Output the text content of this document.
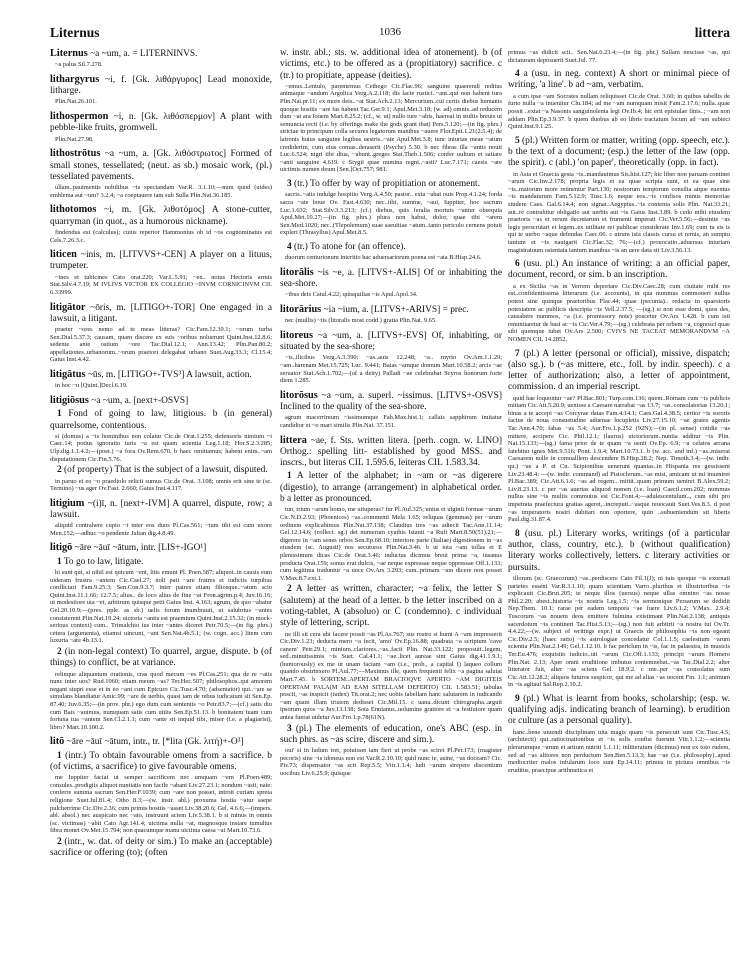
Liternus	1036	littera

Liternus ~a ~um, a. = LITERNINVS.

~a palus Sil.7.278.

lithargyrus ~i, f. [Gk. λιθάργυρος] Lead monoxide, litharge.

Plin.Nat.26.101.

lithospermon ~i, n. [Gk. λιθόσπερμον] A plant with pebble-like fruits, gromwell.

Plin.Nat.27.98.

lithostrōtus ~a ~um, a. [Gk. λιθόστρωτος] Formed of small stones, tessellated; (neut. as sb.) mosaic work, (pl.) tessellated pavements.

ullam..pauimentis nobilibus ~is spectandam Var.R. 3.1.10;—num quod (uides) emblema aut ~um? 3.2.4; ~a coeptauere iam sub Sulla Plin.Nat.36.185.

lithotomos ~i, m. [Gk. λιθοτόμος] A stone-cutter, quarryman (in quot., as a humorous nickname).

findendus est (calculus); cuius reperior Hammonius ob id ~os cognominatus est Cels.7.26.3.c.

liticen ~inis, m. [LITVVS+-CEN] A player on a lituus, trumpeter.

~ines et tubicines Cato orat.220; Var.L.5.91; ~en.. notus Hectoris armis Stat.Silv.4.7.19; M IVLIVS VICTOR EX COLLEGIO ~INVM CORNICINVM CIL 6.33999.

litigātor ~ōris, m. [LITIGO+-TOR] One engaged in a lawsuit, a litigant.

praeter ~ores nemo ad te meas litteras? Cic.Fam.12.30.1; ~orum turba Sen.Dial.5.37.3; causam, quam discere ex suis ~oribus noluerunt Quint.Inst.12.8.6; sedente ante ostium ~ore Tac.Dial.12.1; Ann.13.42; Plin.Pan.80.2; appellationes..urbanorum..~orum praetori delegabat urbano Suet.Aug.33.3; Cl.15.4; Gaius Inst.4.42.

litigātus ~ūs, m. [LITIGO+-TVS³] A lawsuit, action.

in hoc ~u [Quint.]Decl.6.19.

litigiōsus ~a ~um, a. [next+-OSVS]

1 Fond of going to law, litigious. b (in general) quarrelsome, contentious.

si (domus) a ~is hominibus non colatur Cic.de Orat.1.255; defensoris nimium ~i Caec.14; potius ignoratio iuris ~a est quam scientia Leg.1.18; Hor.S.2.3.285; Ulp.dig.1.1.4.2;—(poet.) ~a fora Ov.Rem.670. b haec omittamus; habent enim..~am disputationem Cic.Fin.5.76.

2 (of property) That is the subject of a lawsuit, disputed.

in paruo et eo ~o praediolo relicti sumus Cic.de Orat. 3.108; omnis erit sine te (sc. Termino) ~us ager Ov.Fast. 2.660; Gaius Inst.4.117.

litigium ~(i)ī, n. [next+-IVM] A quarrel, dispute, row; a lawsuit.

aliquid contrahere cupio ~i inter eos duos Pl.Cas.561; ~ium tibi est cum uxore Men.152;—adhuc ~o pendente Julian dig.4.8.49.

litigō ~āre ~āuī ~ātum, intr. [LIS+-IGO¹]

1 To go to law, litigate.

hi sunt qui, si nihil est quicum ~ent, litis emunt Pl. Poen.587; aliquot..in causis eum uideram frustra ~antem Cic.Cael.27; noli pati ~are fratres et iudiciis turpibus conflictari Fam.9.25.3; Sen.Con.9.3.7; inter patres etiam filiosque..~atum scio Quint.Inst.11.1.66; 12.7.5; alius.. de loco alius de fine ~at Fron.agrim.p.4; Juv.16.16; ut modestiore uia ~et, arbitrum quisque petit Gaius Inst. 4.163; agrum, de quo ~abatur Gel.20.10.9;—(pres. pple. as sb.) uelis forum inumbrauit, ut salubrius ~antes consisterent Plin.Nat.19.24; uictoria ~antis est praemium Quint.Inst.2.15.32; (in mock-serious context) cum.. Trimalchio ius inter ~antes diceret Petr.70.5;—(in fig. phrs.) cetera (argumenta), etiamsi uincunt, ~ant Sen.Nat.4b.5.1; (w. cogn. acc.) litem cum luxuria ~are 4b.13.1.

2 (in non-legal context) To quarrel, argue, dispute. b (of things) to conflict, be at variance.

relinque aliquantum orationis, cras quod mecum ~es Pl.Cas.251; qua de re ~atis nunc inter uos? Rud.1060; etiam meum ~as? Ter.Hec.507; philosophos..qui amorem negant stupri esse et in eo ~ant cum Epicuro Cic.Tusc.4.70; (adsentator) qui..~are se simulans blandiatur Amic.99; ~are de uerbis, quasi iam de rebus iudicatum sit Sen.Ep. 87.40; Juv.6.35;—(in prov. phr.) ego dum cum sententis ~o Petr.83.7;—(cf.) satis diu cum Bais ~auimus, numquam satis cum uitiis Sen.Ep.51.13. b bonitatem tuam cum fortuna tua ~antem Sen.Cl.2.1.1; cum ~ante sit inquid tibi, miser (i.e. a plagiarist), libro? Mart.10.100.2.

litō ~āre ~āuī ~ātum, intr., tr. [*lita (Gk. λιτή)+-O³]

1 (intr.) To obtain favourable omens from a sacrifice. b (of victims, a sacrifice) to give favourable omens.

me Iuppiter faciat ut semper sacrificem nec umquam ~em Pl.Poen.489; consules..prodigiis aliquot nuntiatis non facile ~abant Liv.27.23.1; nondum ~asti, nate: conferre summa sacrum Sen.Her.F.1039; cum ~are non posset, introit curiam spreta religione Suet.Jul.81.4; Otho 8.3;—(w. instr. abl.) proxuma hostia ~atur saepe pulcherrime Cic.Div.2.36; cum primis hostiis ~asset Liv.38.20.6; Gel. 4.6.6;—(impers. abl. absol.) nec auspicato nec ~ato, instruunt aciem Liv.5.38.1. b si minus in omnis (sc. victimas) ~abit Cato Agr.141.4; uictima nulla ~at, magnosque instare tumultus fibra monet Ov.Met.15.794; non quacumque manu uictima caesa ~at Mart.10.73.6.

2 (intr., w. dat. of deity or sim.) To make an (acceptable) sacrifice or offering (to); (often

w. instr. abl.; sts. w. additional idea of atonement). b (of victims, etc.) to be offered as a (propitiatory) sacrifice. c (tr.) to propitiate, appease (deities).

~emus..Lentulo, parentemus Cethego Cic.Flac.96; sanguine quaerendi reditus animaque ~andum Argolica Verg.A.2.118; dis lacte rustici..~ant..qui non habent tura Plin.Nat.pr.11; ex more deis..~at Stat.Ach.2.13; Mercurium..cui certis diebus humanis quoque hostiis ~are fas habent Tac.Ger.9.1; Apul.Met.3.18; (w. ad) omnis..ad reducem dum ~at ara Iouem Mart.8.25.2; (cf., w. ut) nullo ture ~abis, haereat in stultis breuis ut semuncia recti (i.e. by offerings make the gods grant that) Pers.5.120;—(in fig. phrs.) strictae in principum colla secures legatorum manibus ~auere Flor.Epit.1.21(2.5.4); de latronis huius sanguine legibus uestris..~ate Apul.Met.3.8; tunc iniuriae meae ~atum crediderim, cum eius comas..deraserit (Psyche) 5.30. b nec fibras illa ~antis nouit Luc.6.524; nigri tibi diua, ~abunt..greges Stat.Theb.1.506; confer uultum et satiare ~anti sanguine 4.619. c Stygii quae numina regni..~asti? Luc.7.171; caesis ~are uictimis numen deum [Sen.]Oct.757; 981.

3 (tr.) To offer by way of propitiation or atonement.

sacris..~atis indulge hospitio Verg.A.4.50; pastor.. exta ~abat ouis Prop.4.1.24; forda sacra ~ate boue Ov. Fast.4.630; nec..tibi, summe, ~aui, Iuppiter, hoc sacrum Luc.1.632; Stat.Silv.3.3.213; (cf.) diebus, quis feralia mortuis ~antur obsequia Apul.Met.10.27;—(in fig. phrs.) plura non habui, dolor, quae tibi ~arem Sen.Med.1020; nec..(Tlepolemum) suae saeuitiae ~atum..tanto periculo cernens potuit expleri (Thrasyllus) Apul.Met.8.5.

4 (tr.) To atone for (an offence).

duorum centurionum interitio hac aduersariorum poena est ~ata B.Hisp.24.6.

litorālis ~is ~e, a. [LITVS+-ALIS] Of or inhabiting the sea-shore.

~ibus deis Catul.4.22; quisquilias ~is Apul.Apol.34.

litorārius ~ia ~ium, a. [LITVS+-ARIVS] = prec.

nec (mullis) ~iis (litoralis most codd.) gratia Plin.Nat. 9.65.

litoreus ~a ~um, a. [LITVS+-EVS] Of, inhabiting, or situated by the sea-shore;

~is..ilicibus Verg.A.3.390; ~as..auis 12.248; ~a.. myrto Ov.Am.1.1.29; ~am..harenam Met.15.725; Luc. 9.441; Baias ~amque domum Mart.10.58.2; arcis ~ae seruator Stat.Ach.1.702;—(of a deity) Palladi ~ae celebrabat Scyros honorum forte diem 1.285.

litorōsus ~a ~um, a. superl. ~issimus. [LITVS+-OSVS] Inclined to the quality of the sea-shore.

agrum macerrimum ~issimumque Fab.Max.hist.1; callais sapphirum imitatur candidior et ~o mari similis Plin.Nat. 37.151.

littera ~ae, f. Sts. written litera. [perh. cogn. w. LINO] Orthog.: spelling litt- established by good MSS. and inscrs., but literas CIL 1.595.6, leiteras CIL 1.583.34.

1 A letter of the alphabet; in ~am or ~as digerere (digestio), to arrange (arrangement) in alphabetical order. b a letter as pronounced.

tun, trium ~arum homo, me uituperas? fur Pl.Aul.325; unius et uiginti formae ~arum Cic.N.D.2.93; (Phoenices) ~as..commenti Mela 1.65; reliquas (gemmas) per ~arum ordinem explicabimus Plin.Nat.37.138; Claudius tres ~as adiecit Tac.Ann.11.14; Gel.12.14.6; (collect. sg.) det numerum cyathis Istanti ~a Rufi Mart.8.50(51).21;—digerere in ~am senes orbos Sen.Ep.68.10; interiore parte (Italiae) digestionem in ~as eiusdem (sc. Augusti) nos secuturos Plin.Nat.3.46. b ut iota ~am tollas et E plenissimum dicas Cic.de Orat.3.46; inductus dicimus breui prima ~a, insanus producta Orat.159; sonus erat dulcis, ~ae neque expressae neque oppressae Off.1.133; cum legitima traduntur ~a uoce Ov.Ars 3.293; cum..primam ~am dicere non posset V.Max.8.7.ext.1.

2 A letter as written, character; ~a felix, the letter S (salutem) at the head of a letter. b the letter inscribed on a voting-tablet, A (absoluo) or C (condemno). c individual style of lettering, script.

ne illi sit cera ubi facere possit ~as Pl.As.767; sus rostro si humi A ~am impresserit Cic.Div.1.23; deducta mero ~a fecit, 'amo' Ov.Ep.16.88; quadrata ~a scriptum 'cave canem' Petr.29.1; minium..clariores..~as..facit Plin. Nat.33.122; proposuit..legem, sed..minutissimis ~is Suet. Cal.41.1; ~ae..licet aureae sint Gaius dig.41.1.9.1; (humorously) ex me ut unam faciam ~am (i.e., prob., a capital I) laqueo collum quando obstrinxero Pl.Aul.77;—Maximus ille, quem frequenti felix ~a pagina salutat Mart.7.45. b SORTEM..APERTAM BRACIOQVE APERTO ~AM DIGITEIS OPERTAM PALA(M AD EAM SITELLAM DEFERTO) CIL 1.583.51; tabulas poscit, ~as inspicit (iudex) Tit.orat.2; nec uobis tabellam hanc salutarem in iudicando ~am quam illam tristem dedisset Cic.Mil.15. c uana..dicunt chirographa..arguit ipsorum quos ~a Juv.13.138; Sota Ennianus..uolumine gratiore et ~a festiuiore quam antea fuerat uidetur Aur.Fro.1.p.78(61N).

3 (pl.) The elements of education, one's ABC (esp. in such phrs. as ~as scire, discere and sim.).

oui' si in ludum iret, potuisset iam fieri ut probe ~as sciret Pl.Per.173; (magister pecoris) sine ~is idoneus non est Var.R.2.10.10; quid nunc te, asine, ~as doceam? Cic. Pis.73; dispensator ~as scit Rep.5.5; Vitr.1.1.4; ludi ~arum strepere discentium uocibus Liv.6.25.9; quisque

primus ~as didicit scit.. Sen.Nat.6.23.4;—(in fig. phr.) Sullam nescisse ~as, qui dictaturam deposuerit Suet.Jul. 77.

4 a (usu. in neg. context) A short or minimal piece of writing, 'a line'. b ad ~am, verbatim.

a cum ipse ~am Socrates nullam reliquisset Cic.de Orat. 3.60; in quibus tabellis de furto nulla ~a inuenitur Clu.184; ad me ~am numquam misit Fam.2.17.6; nulla..quae possit ..extat ~a Nasonis sanguinolenta legi Ov.Ib.4; hic erit epistulae finis..; ~am non addam Plin.Ep.3.9.37. b quem duobus ab eo libris tractatum locum ad ~am subieci Quint.Inst.9.1.25.

5 (pl.) Written form or matter, writing (opp. speech, etc.). b the text of a document; (esp.) the letter of the law (opp. the spirit). c (abl.) 'on paper', theoretically (opp. in fact).

in Asia et Graecia gesta ~is..mandauimus Sis.hist.127; hic liber non paruam continet ~arum Cic.Inv.2.178; propria legis et ea quae scripta sunt, et ea quae sine ~is..maiorum more retinentur Part.130; nostrorum temporum consilia atque euentus ~is mandaturum Fam.5.12.9; Tusc.1.6; neque eos..~is confisos minus memoriae studere Caes. Gal.6.14.4; non signat..Aegyptus..~is contenta solis Plin. Nat.33.21; aut..re contrahitur obligatio aut uerbis aut ~is Gaius Inst.3.89. b cedo mihi eiusdem praetoris ~as et rerum decretarum et frumenti imperati Cic.Ver.5.56;—desinite ~as legis perscrutari et legem..ex utilitate rei publicae considerate Inv.1.69; cum tu sis is qui te uerbo ~aque defendas Caec.66. c utrum ista classis cursu et remis, an sumptu tantum et ~is nauigarit Cic.Flac.32; 76;—(cf.) prouocatio..aduersus iniuriam magistratuum ostentata tantum inanibus ~is an uere data sit Liv.3.56.13.

6 (usu. pl.) An instance of writing: a an official paper, document, record, or sim. b an inscription.

a ex Sicilia ~as in Verrem deportare Cic.Div.Caec.28; cum ciuitate mihi res est..confidentissima litterarum (i.e. accounts), in qua nummus commoueri nullus potest sine quinque praetoribus Flac.44; quae (pecunia).. redacta in quaestoris potestatem ac publicis descripta ~is Vell.2.37.5; —(sg.) si non esse domi, quos des, causabere nummos, ~a (i.e. promissory note) poscetur Ov.Ars 1.428. b cum isti renuntiaretur de basi ac ~is Cic.Ver.4.79;—(sg.) celebrata per orbem ~a, cognosci quae sibi quemque iubet Ov.Ars 2.500; CVIVS NE TACEAT MEMORANDVM ~A NOMEN CIL 14.2852.

7 (pl.) A letter (personal or official), missive, dispatch; (also sg.). b (~as mittere, etc., foll. by indir. speech). c a letter of authorization; also, a letter of appointment, commission. d an imperial rescript.

quid hae loquontur ~ae? Pl.Bac.801; Turp.com.136; quem..Romam cum ~is publicis mittam Cic.Att.5.20.9; uenisse a Caesare narrabat ~as 13.7; ~as..consolatorias 13.20.1; binas a te accepi ~as Corcyrae datas Fam.4.14.1; Caes.Gal.4.38.5; certior ~is sororis factus de noua consuetudine aduenae locupletis Liv.27.15.10; ~ae grates agentis Tac.Ann.4.70; fabas ~as 5.4; Aur.Fro.1.p.252 (92N);—(in pl. sense) cotidie ~as mittere, accipere Cic. Phil.12.1; (laurus) uictoriorum..nuntia additur ~is Plin. Nat.15.133;—(sg.) fama prior de te quam ~a uenit Ov.Ep. 6.9; ~a celatos arcana fatebitur ignes Met.9.516; Pont. 1.9.4; Mart.10.73.1. b (w. acc. and inf.) ~as..miserat Caesarem nolle in comualllem descendere B.Hisp.28.2; Nep. Timoth.3.4;—(w. indir. qu.) ~ae a P. et Cn. Scipionibus uenerunt quantas..in Hispania res gessissent Liv.23.48.4; —(w. indir. command) ad Pistoclerum..~as misi, amicam ut mi inueniret Pl.Bac.389; Cic.Att.6.1.6; ~as ad regem.. mittit..quam primum ueniret B.Alex.59.2; Liv.8.23.13. c per ~as auertas aliquod nomen (i.e. loan) Caecil.com.202; nummus nullus sine ~is multis commutus est Cic.Font.4;—adulescentulum.., cum sibi pro impetrata praefectura gratias ageret,..increpuit..~asque reuocauit Suet.Ves.8.3. d post ~as imperatoris nostri dubitari non oportere, quin ..subueniendum sit liberis Paul.dig.31.87.4.

8 (usu. pl.) Literary works, writings (of a particular author, class, country, etc.). b (without qualification) literary works collectively, letters. c literary activities or pursuits.

illorum (sc. Graecorum) ~as..perdiscere Cato Fil.1(J); ni tuis quoque ~is exornati parietes essent Var.R.3.1.10; quam scientiam Varro..pluribus et illustrioribus ~is explicauit Cic.Brut.205; te neque illos (uersus) neque ullas omnino ~as nosse Phil.2.20; abest..historia ~is nostris Leg.1.5; ~is sermonique Persarum se dedidit Nep.Them. 10.1; rarae per eadem tempora ~ae fuere Liv.6.1.2; V.Max. 2.9.4; Tuscorum ~as nouem deos emittere fulmina existimant Plin.Nat.2.138; antiquis sacerdotum ~is contineri Tac.Hist.5.13;—(sg.) non fuit arbitrii ~a nostra tui Ov.Tr. 4.4.22;—(w. subject of writings expr.) ut Graecis de philosophia ~is non egeant Cic.Div.2.5; (haec ratio) ~is astrologiae concedatur Col.1.1.5; caelestium ~arum scientia Plin.Nat.2.149; Gel.1.12.10. b fac periclum in ~is, fac in palaestra, in musicis Ter.Eu.476; exquisito iudicio..uti ~arum Cic.Off.1.133; principi ~arum Homero Plin.Nat. 2.13; Aper omni eruditione imbutus contemnebat..~as Tac.Dial.2.2; alter litterator fuit, alter ~as sciens Gel. 18.9.2. c me..per ~as consolatus sum Cic.Att.12.28.2; aliquos futuros suspicor, qui me ad alias ~as uocent Fin. 1.1; animum in ~is agitaui Sal.Rep.2.10.2.

9 (pl.) What is learnt from books, scholarship; (esp. w. qualifying adjs. indicating branch of learning). b erudition or culture (as a personal quality).

hanc..bene uiuendi disciplinam uita magis quam ~is persecuti sunt Cic.Tusc.4.5; (architecti) qui..ratiocinationibus et ~is solis confisi fuerunt Vitr.1.1.2;—scientia plerarumque ~arum et artium nutriti 1.1.11; inlitteratum (dicimus) non ex toto rudem, sed ad ~as altiores non perductum Sen.Ben.5.13.3; hae ~ae (i.e. philosophy)..apud mediocriter malos infularum loco sunt Ep.14.11; primus in pictura omnibus ~is eruditus, praecipue arithmetica et
